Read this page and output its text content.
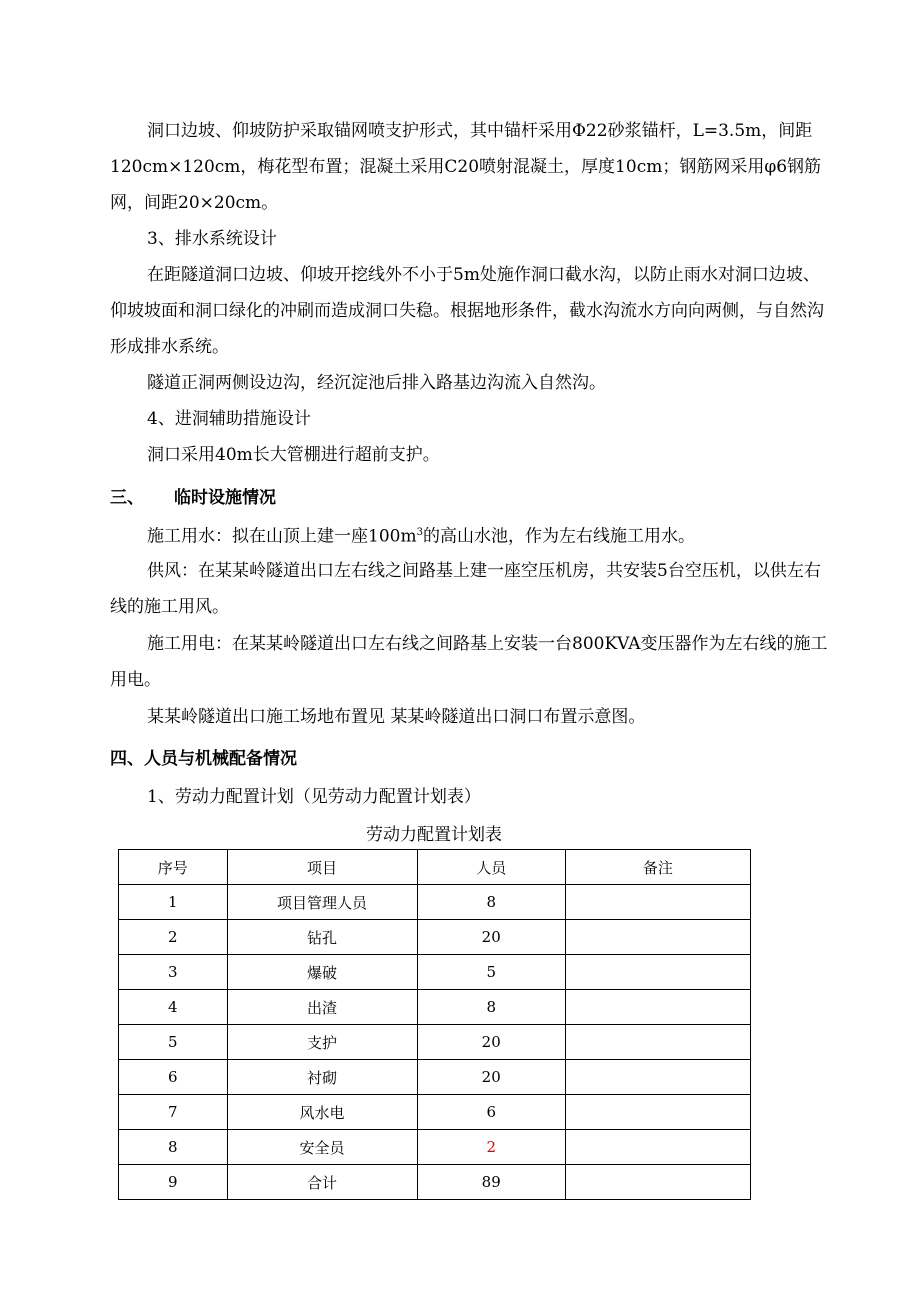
洞口边坡、仰坡防护采取锚网喷支护形式，其中锚杆采用Φ22砂浆锚杆，L=3.5m，间距120cm×120cm，梅花型布置；混凝土采用C20喷射混凝土，厚度10cm；钢筋网采用φ6钢筋网，间距20×20cm。

3、排水系统设计

在距隧道洞口边坡、仰坡开挖线外不小于5m处施作洞口截水沟，以防止雨水对洞口边坡、仰坡坡面和洞口绿化的冲刷而造成洞口失稳。根据地形条件，截水沟流水方向向两侧，与自然沟形成排水系统。

隧道正洞两侧设边沟，经沉淀池后排入路基边沟流入自然沟。

4、进洞辅助措施设计

洞口采用40m长大管棚进行超前支护。

三、 临时设施情况

施工用水：拟在山顶上建一座$100m^3$的高山水池，作为左右线施工用水。

供风：在某某岭隧道出口左右线之间路基上建一座空压机房，共安装5台空压机，以供左右线的施工用风。

施工用电：在某某岭隧道出口左右线之间路基上安装一台800KVA变压器作为左右线的施工用电。

某某岭隧道出口施工场地布置见 某某岭隧道出口洞口布置示意图。

四、人员与机械配备情况

1、劳动力配置计划（见劳动力配置计划表）

劳动力配置计划表
序号	项目	人员	备注
1	项目管理人员	8	
2	钻孔	20	
3	爆破	5	
4	出渣	8	
5	支护	20	
6	衬砌	20	
7	风水电	6	
8	安全员	2	
9	合计	89	
